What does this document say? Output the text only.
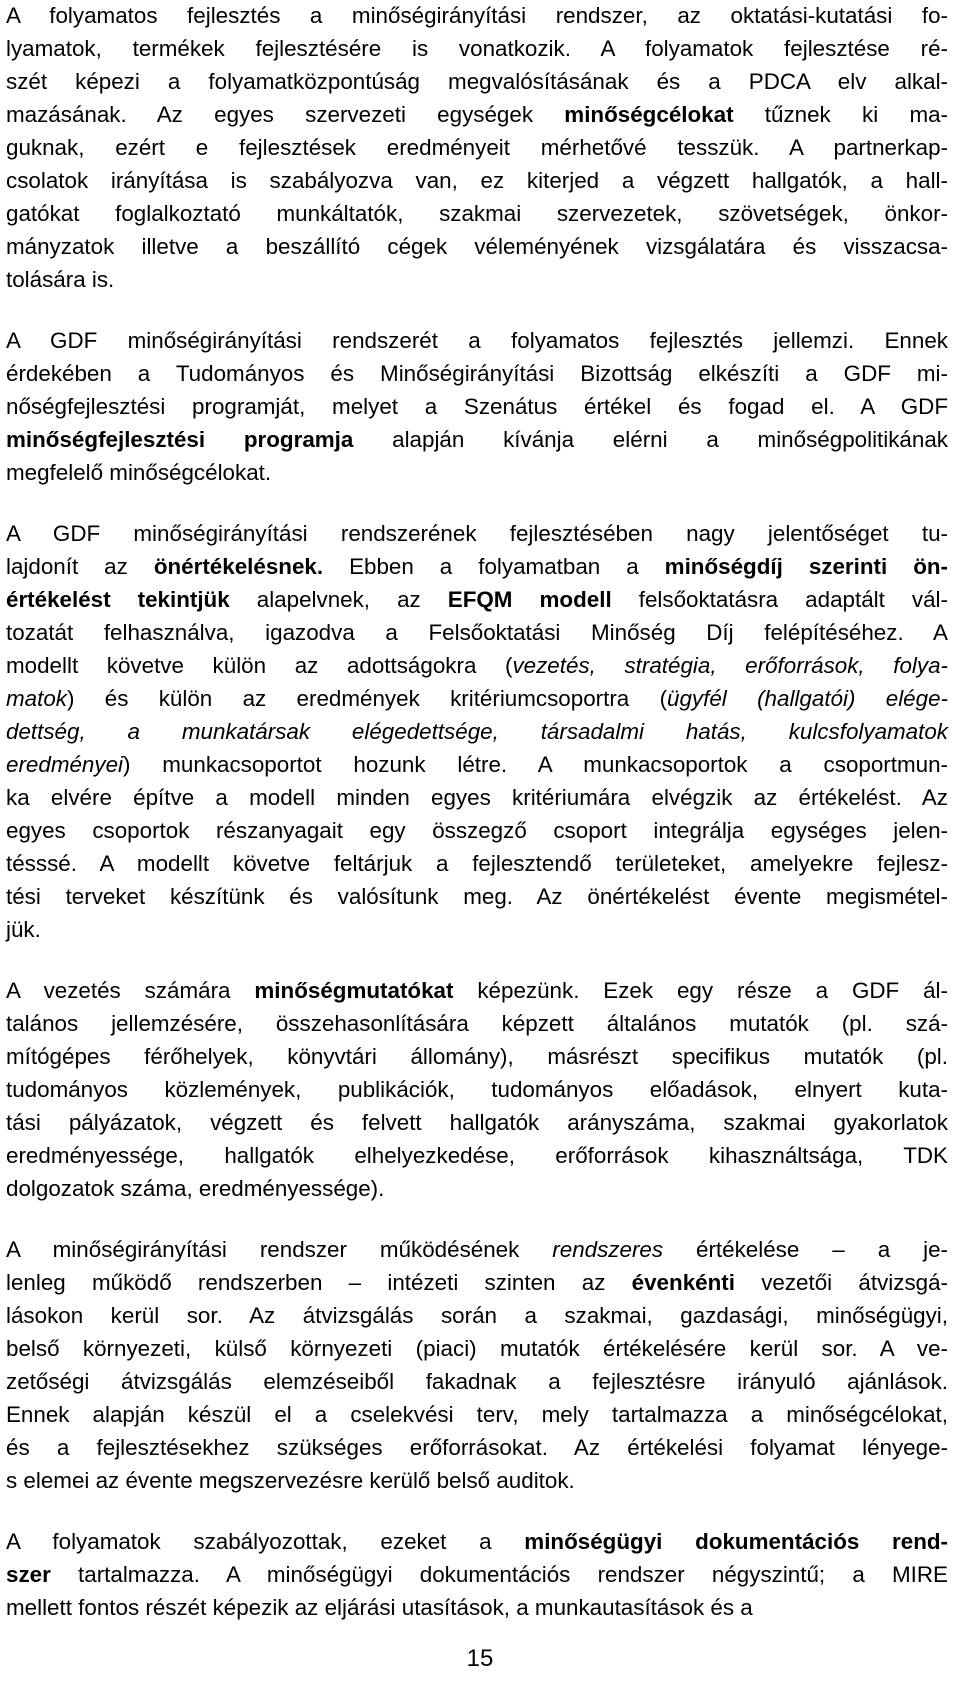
A folyamatos fejlesztés a minőségirányítási rendszer, az oktatási-kutatási fo-
lyamatok, termékek fejlesztésére is vonatkozik. A folyamatok fejlesztése ré-
szét képezi a folyamatközpontúság megvalósításának és a PDCA elv alkal-
mazásának. Az egyes szervezeti egységek minőségcélokat tűznek ki ma-
guknak, ezért e fejlesztések eredményeit mérhetővé tesszük. A partnerkap-
csolatok irányítása is szabályozva van, ez kiterjed a végzett hallgatók, a hall-
gatókat foglalkoztató munkáltatók, szakmai szervezetek, szövetségek, önkor-
mányzatok illetve a beszállító cégek véleményének vizsgálatára és visszacsa-
tolására is.
A GDF minőségirányítási rendszerét a folyamatos fejlesztés jellemzi. Ennek
érdekében a Tudományos és Minőségirányítási Bizottság elkészíti a GDF mi-
nőségfejlesztési programját, melyet a Szenátus értékel és fogad el. A GDF
minőségfejlesztési programja alapján kívánja elérni a minőségpolitikának
megfelelő minőségcélokat.
A GDF minőségirányítási rendszerének fejlesztésében nagy jelentőséget tu-
lajdonít az önértékelésnek. Ebben a folyamatban a minőségdíj szerinti ön-
értékelést tekintjük alapelvnek, az EFQM modell felsőoktatásra adaptált vál-
tozatát felhasználva, igazodva a Felsőoktatási Minőség Díj felépítéséhez. A
modellt követve külön az adottságokra (vezetés, stratégia, erőforrások, folya-
matok) és külön az eredmények kritériumcsoportra (ügyfél (hallgatói) elége-
dettség, a munkatársak elégedettsége, társadalmi hatás, kulcsfolyamatok
eredményei) munkacsoportot hozunk létre. A munkacsoportok a csoportmun-
ka elvére építve a modell minden egyes kritériumára elvégzik az értékelést. Az
egyes csoportok részanyagait egy összegző csoport integrálja egységes jelen-
tésssé. A modellt követve feltárjuk a fejlesztendő területeket, amelyekre fejlesz-
tési terveket készítünk és valósítunk meg. Az önértékelést évente megismétel-
jük.
A vezetés számára minőségmutatókat képezünk. Ezek egy része a GDF ál-
talános jellemzésére, összehasonlítására képzett általános mutatók (pl. szá-
mítógépes férőhelyek, könyvtári állomány), másrészt specifikus mutatók (pl.
tudományos közlemények, publikációk, tudományos előadások, elnyert kuta-
tási pályázatok, végzett és felvett hallgatók arányszáma, szakmai gyakorlatok
eredményessége, hallgatók elhelyezkedése, erőforrások kihasználtsága, TDK
dolgozatok száma, eredményessége).
A minőségirányítási rendszer működésének rendszeres értékelése – a je-
lenleg működő rendszerben – intézeti szinten az évenkénti vezetői átvizsgá-
lásokon kerül sor. Az átvizsgálás során a szakmai, gazdasági, minőségügyi,
belső környezeti, külső környezeti (piaci) mutatók értékelésére kerül sor. A ve-
zetőségi átvizsgálás elemzéseiből fakadnak a fejlesztésre irányuló ajánlások.
Ennek alapján készül el a cselekvési terv, mely tartalmazza a minőségcélokat,
és a fejlesztésekhez szükséges erőforrásokat. Az értékelési folyamat lényege-
s elemei az évente megszervezésre kerülő belső auditok.
A folyamatok szabályozottak, ezeket a minőségügyi dokumentációs rend-
szer tartalmazza. A minőségügyi dokumentációs rendszer négyszintű; a MIRE
mellett fontos részét képezik az eljárási utasítások, a munkautasítások és a
15
